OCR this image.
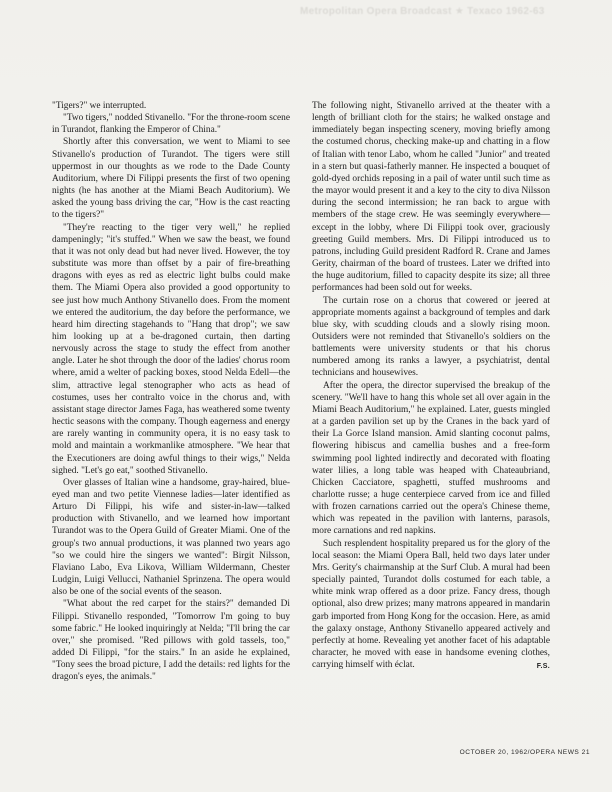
Metropolitan Opera Broadcast ★ Texaco 1962-63

"Tigers?" we interrupted.

"Two tigers," nodded Stivanello. "For the throne-room scene in Turandot, flanking the Emperor of China."

Shortly after this conversation, we went to Miami to see Stivanello's production of Turandot. The tigers were still uppermost in our thoughts as we rode to the Dade County Auditorium, where Di Filippi presents the first of two opening nights (he has another at the Miami Beach Auditorium). We asked the young bass driving the car, "How is the cast reacting to the tigers?"

"They're reacting to the tiger very well," he replied dampeningly; "it's stuffed." When we saw the beast, we found that it was not only dead but had never lived. However, the toy substitute was more than offset by a pair of fire-breathing dragons with eyes as red as electric light bulbs could make them. The Miami Opera also provided a good opportunity to see just how much Anthony Stivanello does. From the moment we entered the auditorium, the day before the performance, we heard him directing stagehands to "Hang that drop"; we saw him looking up at a be-dragoned curtain, then darting nervously across the stage to study the effect from another angle. Later he shot through the door of the ladies' chorus room where, amid a welter of packing boxes, stood Nelda Edell—the slim, attractive legal stenographer who acts as head of costumes, uses her contralto voice in the chorus and, with assistant stage director James Faga, has weathered some twenty hectic seasons with the company. Though eagerness and energy are rarely wanting in community opera, it is no easy task to mold and maintain a workmanlike atmosphere. "We hear that the Executioners are doing awful things to their wigs," Nelda sighed. "Let's go eat," soothed Stivanello.

Over glasses of Italian wine a handsome, gray-haired, blue-eyed man and two petite Viennese ladies—later identified as Arturo Di Filippi, his wife and sister-in-law—talked production with Stivanello, and we learned how important Turandot was to the Opera Guild of Greater Miami. One of the group's two annual productions, it was planned two years ago "so we could hire the singers we wanted": Birgit Nilsson, Flaviano Labo, Eva Likova, William Wildermann, Chester Ludgin, Luigi Vellucci, Nathaniel Sprinzena. The opera would also be one of the social events of the season.

"What about the red carpet for the stairs?" demanded Di Filippi. Stivanello responded, "Tomorrow I'm going to buy some fabric." He looked inquiringly at Nelda; "I'll bring the car over," she promised. "Red pillows with gold tassels, too," added Di Filippi, "for the stairs." In an aside he explained, "Tony sees the broad picture, I add the details: red lights for the dragon's eyes, the animals."

The following night, Stivanello arrived at the theater with a length of brilliant cloth for the stairs; he walked onstage and immediately began inspecting scenery, moving briefly among the costumed chorus, checking make-up and chatting in a flow of Italian with tenor Labo, whom he called "Junior" and treated in a stern but quasi-fatherly manner. He inspected a bouquet of gold-dyed orchids reposing in a pail of water until such time as the mayor would present it and a key to the city to diva Nilsson during the second intermission; he ran back to argue with members of the stage crew. He was seemingly everywhere—except in the lobby, where Di Filippi took over, graciously greeting Guild members. Mrs. Di Filippi introduced us to patrons, including Guild president Radford R. Crane and James Gerity, chairman of the board of trustees. Later we drifted into the huge auditorium, filled to capacity despite its size; all three performances had been sold out for weeks.

The curtain rose on a chorus that cowered or jeered at appropriate moments against a background of temples and dark blue sky, with scudding clouds and a slowly rising moon. Outsiders were not reminded that Stivanello's soldiers on the battlements were university students or that his chorus numbered among its ranks a lawyer, a psychiatrist, dental technicians and housewives.

After the opera, the director supervised the breakup of the scenery. "We'll have to hang this whole set all over again in the Miami Beach Auditorium," he explained. Later, guests mingled at a garden pavilion set up by the Cranes in the back yard of their La Gorce Island mansion. Amid slanting coconut palms, flowering hibiscus and camellia bushes and a free-form swimming pool lighted indirectly and decorated with floating water lilies, a long table was heaped with Chateaubriand, Chicken Cacciatore, spaghetti, stuffed mushrooms and charlotte russe; a huge centerpiece carved from ice and filled with frozen carnations carried out the opera's Chinese theme, which was repeated in the pavilion with lanterns, parasols, more carnations and red napkins.

Such resplendent hospitality prepared us for the glory of the local season: the Miami Opera Ball, held two days later under Mrs. Gerity's chairmanship at the Surf Club. A mural had been specially painted, Turandot dolls costumed for each table, a white mink wrap offered as a door prize. Fancy dress, though optional, also drew prizes; many matrons appeared in mandarin garb imported from Hong Kong for the occasion. Here, as amid the galaxy onstage, Anthony Stivanello appeared actively and perfectly at home. Revealing yet another facet of his adaptable character, he moved with ease in handsome evening clothes, carrying himself with éclat.	F.S.

OCTOBER 20, 1962/OPERA NEWS 21
